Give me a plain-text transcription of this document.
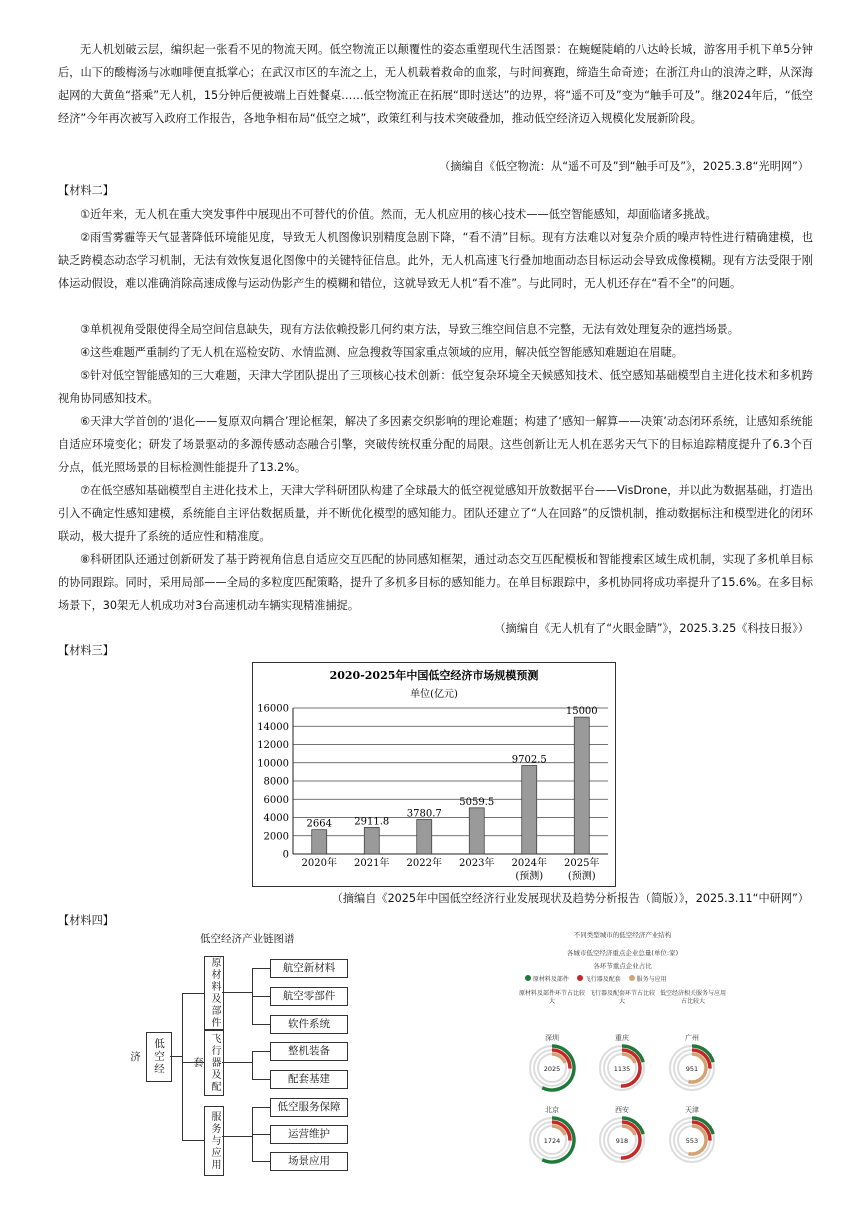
无人机划破云层，编织起一张看不见的物流天网。低空物流正以颠覆性的姿态重塑现代生活图景：在蜿蜒陡峭的八达岭长城，游客用手机下单5分钟后，山下的酸梅汤与冰咖啡便直抵掌心；在武汉市区的车流之上，无人机载着救命的血浆，与时间赛跑，缔造生命奇迹；在浙江舟山的浪涛之畔，从深海起网的大黄鱼“搭乘”无人机，15分钟后便被端上百姓餐桌……低空物流正在拓展“即时送达”的边界，将“遥不可及”变为“触手可及”。继2024年后，“低空经济”今年再次被写入政府工作报告，各地争相布局“低空之城”，政策红利与技术突破叠加，推动低空经济迈入规模化发展新阶段。

（摘编自《低空物流：从“遥不可及”到“触手可及”》，2025.3.8“光明网”）

【材料二】

①近年来，无人机在重大突发事件中展现出不可替代的价值。然而，无人机应用的核心技术——低空智能感知，却面临诸多挑战。

②雨雪雾霾等天气显著降低环境能见度，导致无人机图像识别精度急剧下降，“看不清”目标。现有方法难以对复杂介质的噪声特性进行精确建模，也缺乏跨模态动态学习机制，无法有效恢复退化图像中的关键特征信息。此外，无人机高速飞行叠加地面动态目标运动会导致成像模糊。现有方法受限于刚体运动假设，难以准确消除高速成像与运动伪影产生的模糊和错位，这就导致无人机“看不准”。与此同时，无人机还存在“看不全”的问题。

③单机视角受限使得全局空间信息缺失，现有方法依赖投影几何约束方法，导致三维空间信息不完整，无法有效处理复杂的遮挡场景。

④这些难题严重制约了无人机在巡检安防、水情监测、应急搜救等国家重点领域的应用，解决低空智能感知难题迫在眉睫。

⑤针对低空智能感知的三大难题，天津大学团队提出了三项核心技术创新：低空复杂环境全天候感知技术、低空感知基础模型自主进化技术和多机跨视角协同感知技术。

⑥天津大学首创的‘退化——复原双向耦合’理论框架，解决了多因素交织影响的理论难题；构建了‘感知一解算——决策’动态闭环系统，让感知系统能自适应环境变化；研发了场景驱动的多源传感动态融合引擎，突破传统权重分配的局限。这些创新让无人机在恶劣天气下的目标追踪精度提升了6.3个百分点，低光照场景的目标检测性能提升了13.2%。

⑦在低空感知基础模型自主进化技术上，天津大学科研团队构建了全球最大的低空视觉感知开放数据平台——VisDrone，并以此为数据基础，打造出引入不确定性感知建模，系统能自主评估数据质量，并不断优化模型的感知能力。团队还建立了“人在回路”的反馈机制，推动数据标注和模型进化的闭环联动，极大提升了系统的适应性和精准度。

⑧科研团队还通过创新研发了基于跨视角信息自适应交互匹配的协同感知框架，通过动态交互匹配模板和智能搜索区域生成机制，实现了多机单目标的协同跟踪。同时，采用局部——全局的多粒度匹配策略，提升了多机多目标的感知能力。在单目标跟踪中，多机协同将成功率提升了15.6%。在多目标场景下，30架无人机成功对3台高速机动车辆实现精准捕捉。

（摘编自《无人机有了“火眼金睛”》，2025.3.25《科技日报》）

【材料三】

2020-2025年中国低空经济市场规模预测
单位(亿元)
0
2000
4000
6000
8000
10000
12000
14000
16000
2664
2020年
2911.8
2021年
3780.7
2022年
5059.5
2023年
9702.5
2024年
(预测)
15000
2025年
(预测)

（摘编自《2025年中国低空经济行业发展现状及趋势分析报告（简版）》，2025.3.11“中研网”）

【材料四】

低空经济产业链图谱
低空经济
原材料及部件
飞行器及配套
服务与应用
航空新材料
航空零部件
软件系统
整机装备
配套基建
低空服务保障
运营维护
场景应用
不同类型城市的低空经济产业结构
各城市低空经济重点企业总量(单位:家)
各环节重点企业占比
原材料及部件	飞行器及配套	服务与应用
原材料及部件环节占比较大
飞行器及配套环节占比较大
低空经济相关服务与应用占比较大
深圳
2025
重庆
1135
广州
951
北京
1724
西安
918
天津
553
